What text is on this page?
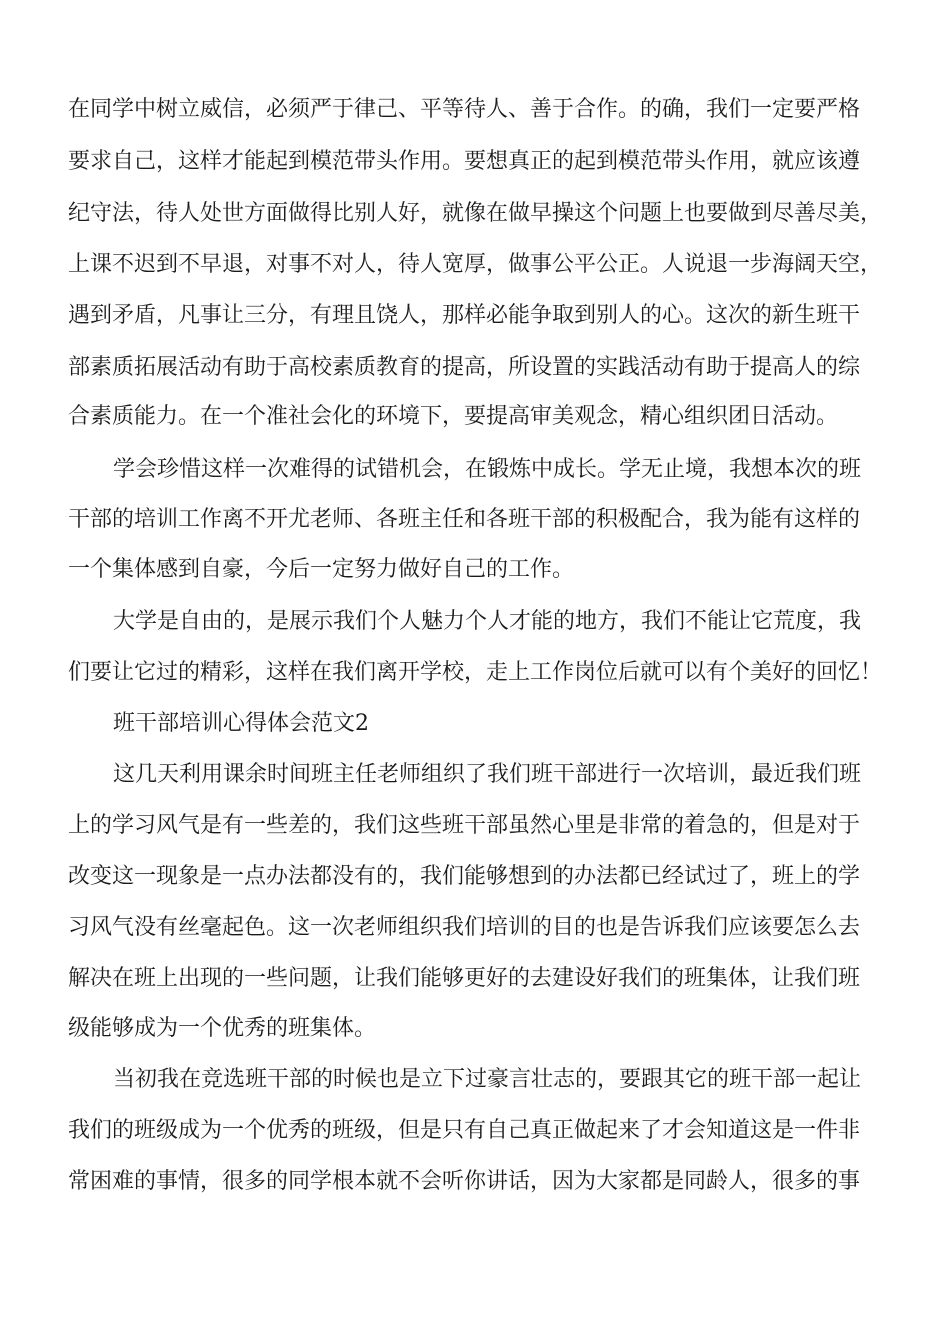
在同学中树立威信，必须严于律己、平等待人、善于合作。的确，我们一定要严格
要求自己，这样才能起到模范带头作用。要想真正的起到模范带头作用，就应该遵
纪守法，待人处世方面做得比别人好，就像在做早操这个问题上也要做到尽善尽美，
上课不迟到不早退，对事不对人，待人宽厚，做事公平公正。人说退一步海阔天空，
遇到矛盾，凡事让三分，有理且饶人，那样必能争取到别人的心。这次的新生班干
部素质拓展活动有助于高校素质教育的提高，所设置的实践活动有助于提高人的综
合素质能力。在一个准社会化的环境下，要提高审美观念，精心组织团日活动。
学会珍惜这样一次难得的试错机会，在锻炼中成长。学无止境，我想本次的班
干部的培训工作离不开尤老师、各班主任和各班干部的积极配合，我为能有这样的
一个集体感到自豪，今后一定努力做好自己的工作。
大学是自由的，是展示我们个人魅力个人才能的地方，我们不能让它荒度，我
们要让它过的精彩，这样在我们离开学校，走上工作岗位后就可以有个美好的回忆！
班干部培训心得体会范文2
这几天利用课余时间班主任老师组织了我们班干部进行一次培训，最近我们班
上的学习风气是有一些差的，我们这些班干部虽然心里是非常的着急的，但是对于
改变这一现象是一点办法都没有的，我们能够想到的办法都已经试过了，班上的学
习风气没有丝毫起色。这一次老师组织我们培训的目的也是告诉我们应该要怎么去
解决在班上出现的一些问题，让我们能够更好的去建设好我们的班集体，让我们班
级能够成为一个优秀的班集体。
当初我在竞选班干部的时候也是立下过豪言壮志的，要跟其它的班干部一起让
我们的班级成为一个优秀的班级，但是只有自己真正做起来了才会知道这是一件非
常困难的事情，很多的同学根本就不会听你讲话，因为大家都是同龄人，很多的事
